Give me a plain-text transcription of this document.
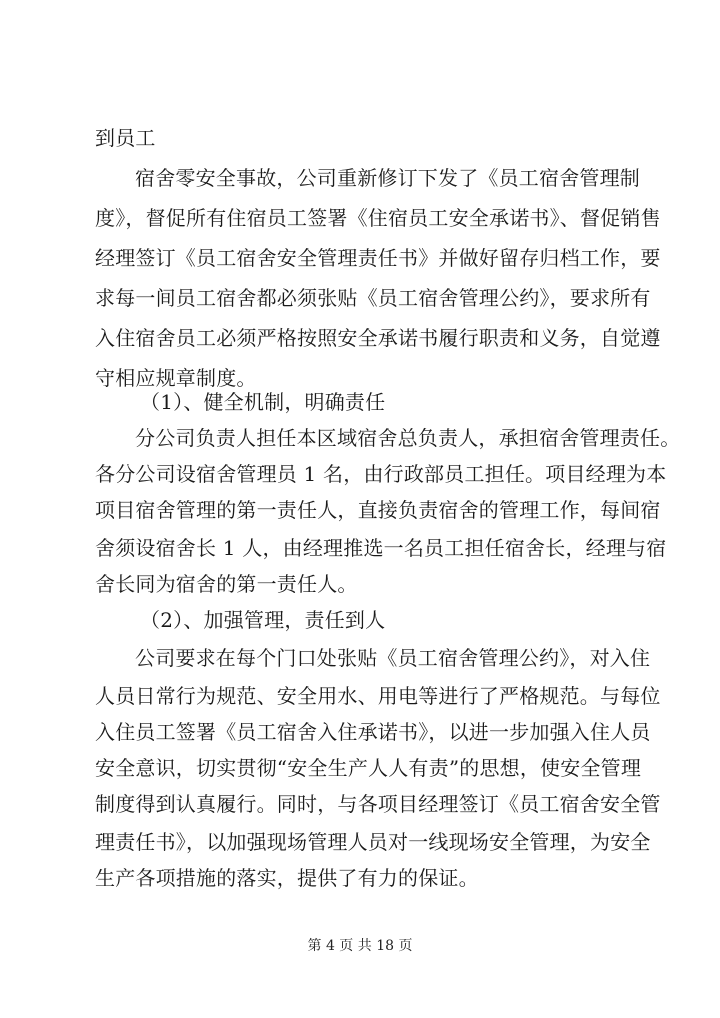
到员工
宿舍零安全事故，公司重新修订下发了《员工宿舍管理制
度》，督促所有住宿员工签署《住宿员工安全承诺书》、督促销售
经理签订《员工宿舍安全管理责任书》并做好留存归档工作，要
求每一间员工宿舍都必须张贴《员工宿舍管理公约》，要求所有
入住宿舍员工必须严格按照安全承诺书履行职责和义务，自觉遵
守相应规章制度。
（1）、健全机制，明确责任
分公司负责人担任本区域宿舍总负责人，承担宿舍管理责任。
各分公司设宿舍管理员 1 名，由行政部员工担任。项目经理为本
项目宿舍管理的第一责任人，直接负责宿舍的管理工作，每间宿
舍须设宿舍长 1 人，由经理推选一名员工担任宿舍长，经理与宿
舍长同为宿舍的第一责任人。
（2）、加强管理，责任到人
公司要求在每个门口处张贴《员工宿舍管理公约》，对入住
人员日常行为规范、安全用水、用电等进行了严格规范。与每位
入住员工签署《员工宿舍入住承诺书》，以进一步加强入住人员
安全意识，切实贯彻“安全生产人人有责”的思想，使安全管理
制度得到认真履行。同时，与各项目经理签订《员工宿舍安全管
理责任书》，以加强现场管理人员对一线现场安全管理，为安全
生产各项措施的落实，提供了有力的保证。
第 4 页 共 18 页
